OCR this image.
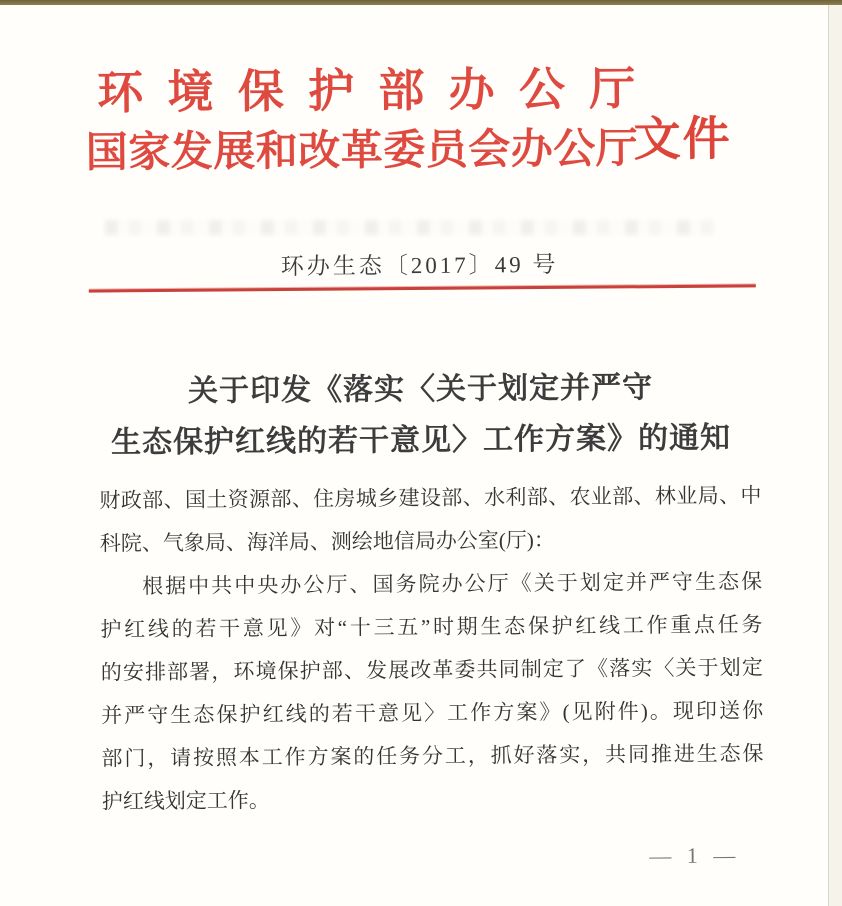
环境保护部办公厅
国家发展和改革委员会办公厅
文件
环办生态〔2017〕49 号
关于印发《落实〈关于划定并严守
生态保护红线的若干意见〉工作方案》的通知
财政部、国土资源部、住房城乡建设部、水利部、农业部、林业局、中
科院、气象局、海洋局、测绘地信局办公室(厅)：
根据中共中央办公厅、国务院办公厅《关于划定并严守生态保
护红线的若干意见》对“十三五”时期生态保护红线工作重点任务
的安排部署，环境保护部、发展改革委共同制定了《落实〈关于划定
并严守生态保护红线的若干意见〉工作方案》(见附件)。现印送你
部门，请按照本工作方案的任务分工，抓好落实，共同推进生态保
护红线划定工作。
— 1 —
